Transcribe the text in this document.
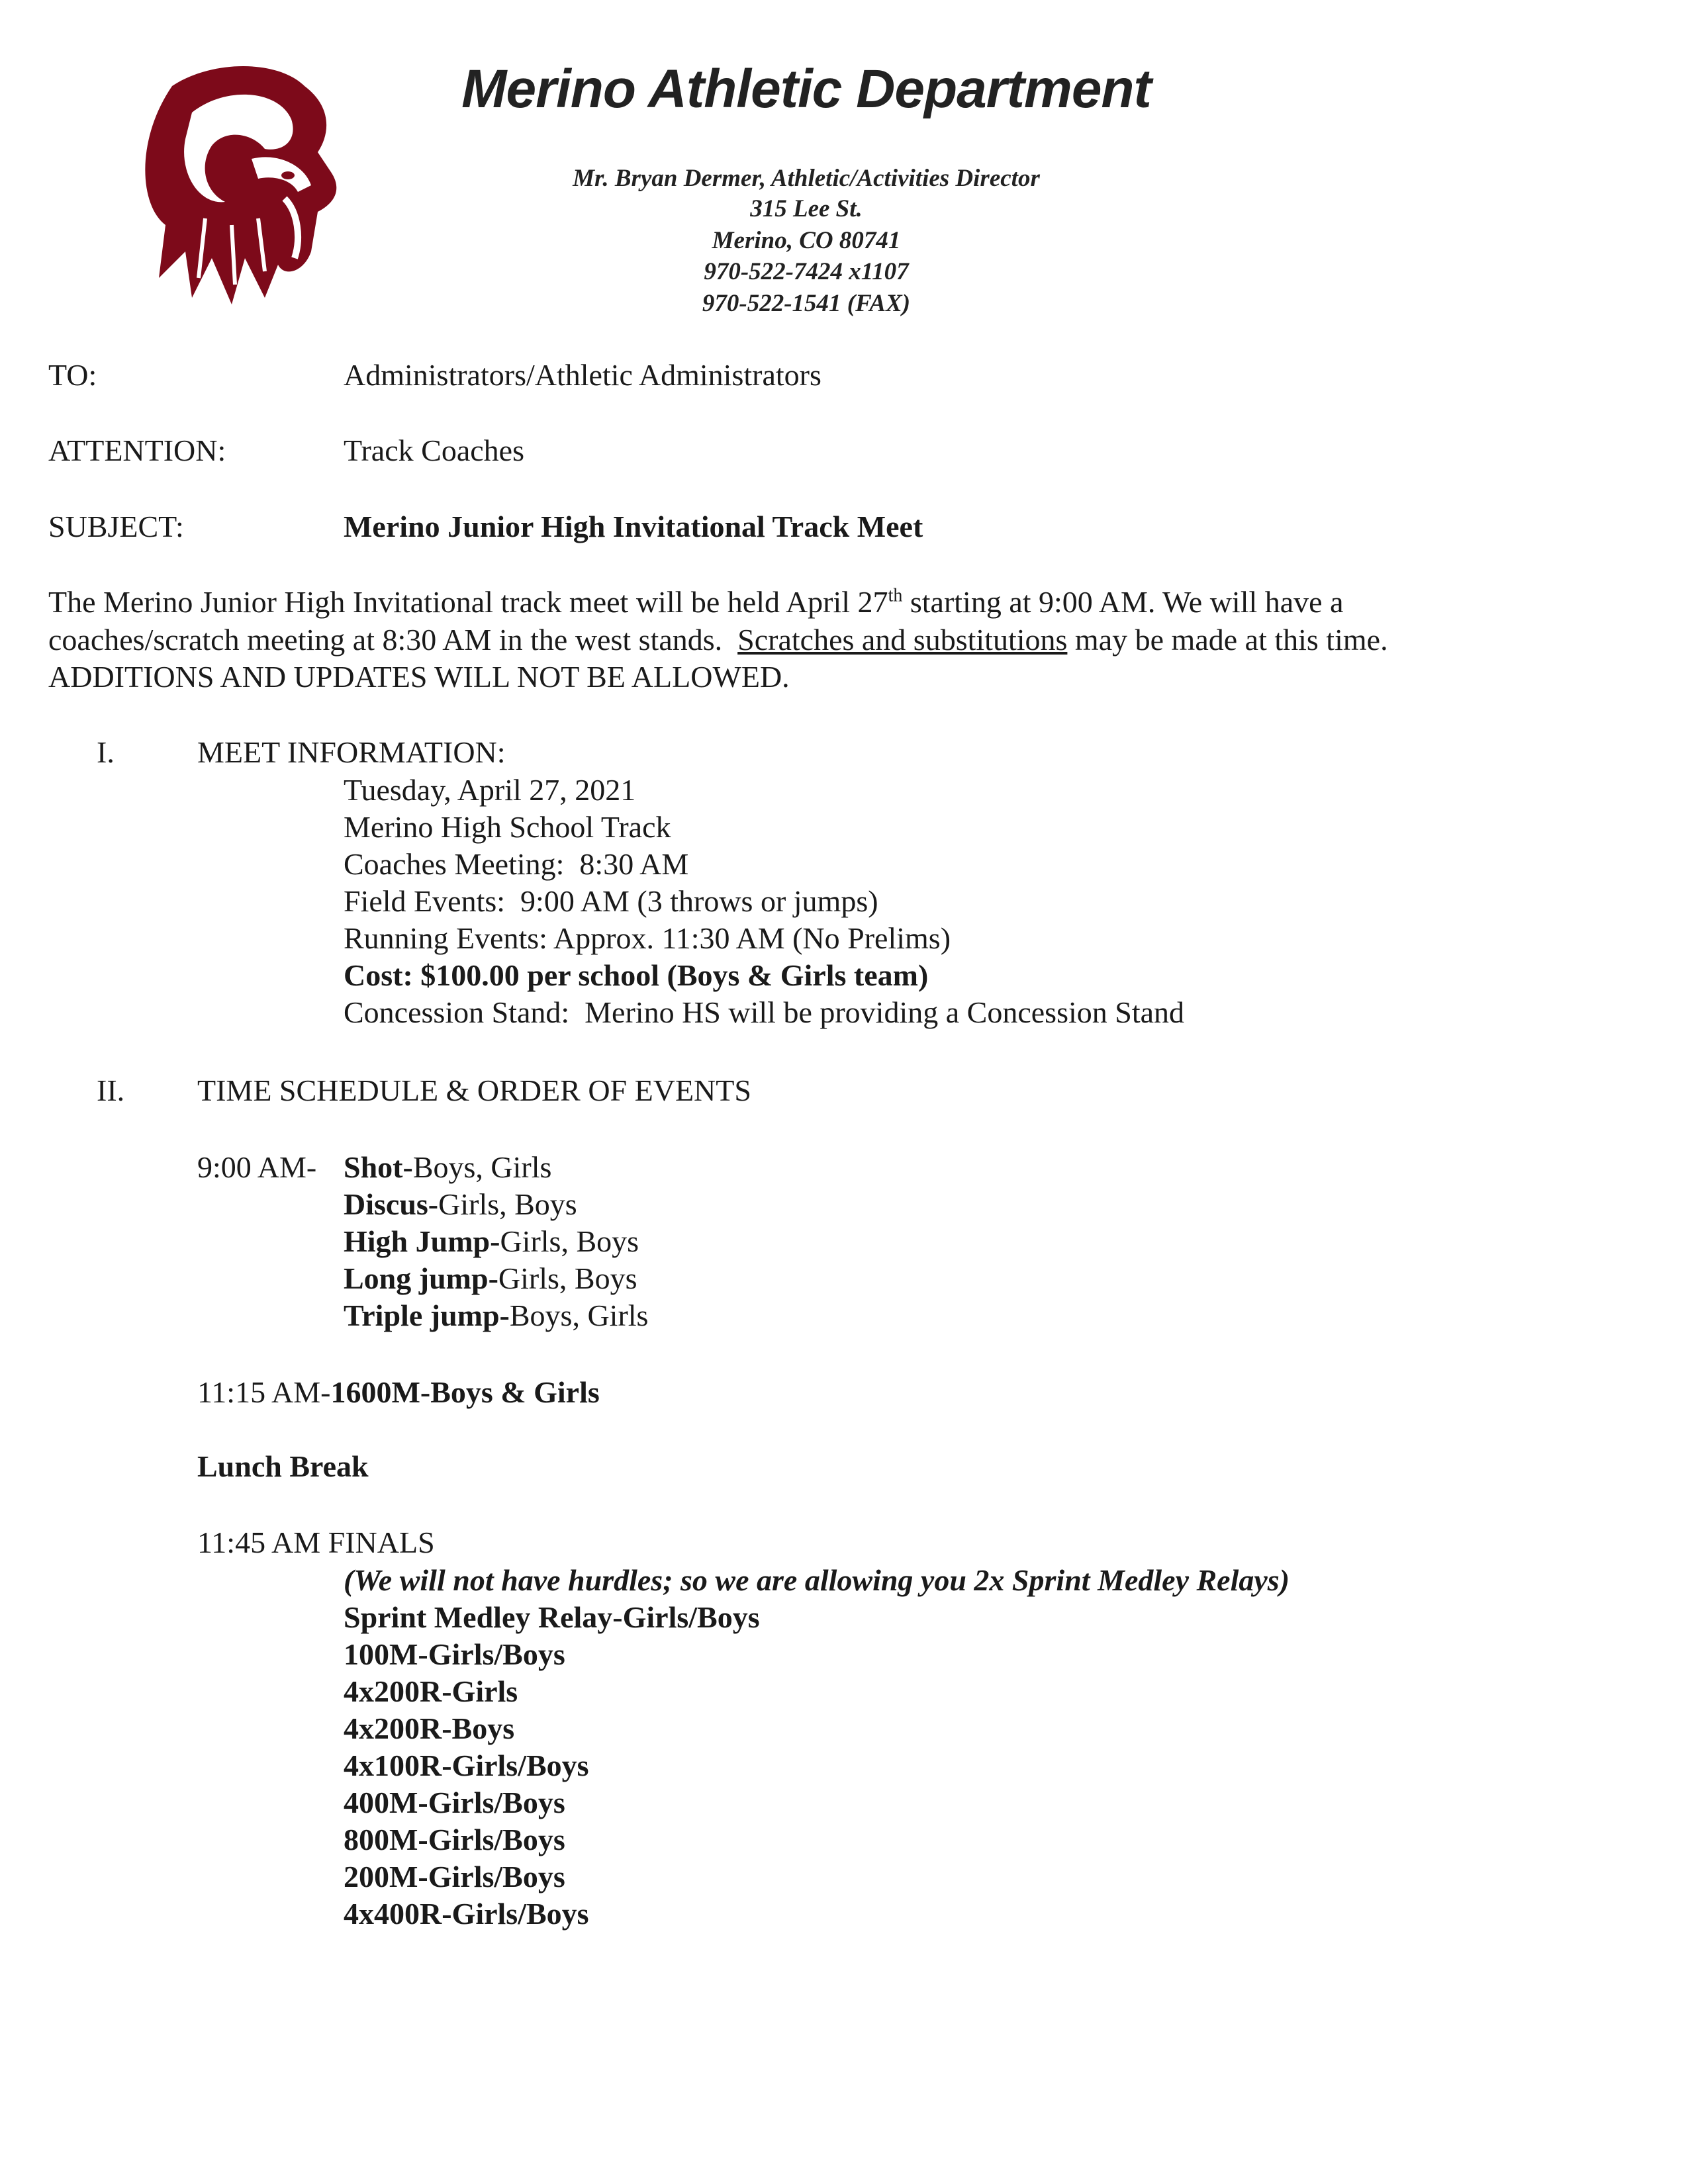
Merino Athletic Department
Mr. Bryan Dermer, Athletic/Activities Director
315 Lee St.
Merino, CO 80741
970-522-7424 x1107
970-522-1541 (FAX)
TO:	Administrators/Athletic Administrators
ATTENTION:	Track Coaches
SUBJECT:	Merino Junior High Invitational Track Meet
The Merino Junior High Invitational track meet will be held April 27th starting at 9:00 AM. We will have a
coaches/scratch meeting at 8:30 AM in the west stands.  Scratches and substitutions may be made at this time.
ADDITIONS AND UPDATES WILL NOT BE ALLOWED.
I.	MEET INFORMATION:
Tuesday, April 27, 2021
Merino High School Track
Coaches Meeting:  8:30 AM
Field Events:  9:00 AM (3 throws or jumps)
Running Events: Approx. 11:30 AM (No Prelims)
Cost: $100.00 per school (Boys & Girls team)
Concession Stand:  Merino HS will be providing a Concession Stand
II. TIME SCHEDULE & ORDER OF EVENTS
9:00 AM- Shot-Boys, Girls
Discus-Girls, Boys
High Jump-Girls, Boys
Long jump-Girls, Boys
Triple jump-Boys, Girls
11:15 AM-1600M-Boys & Girls
Lunch Break
11:45 AM FINALS
(We will not have hurdles; so we are allowing you 2x Sprint Medley Relays)
Sprint Medley Relay-Girls/Boys
100M-Girls/Boys
4x200R-Girls
4x200R-Boys
4x100R-Girls/Boys
400M-Girls/Boys
800M-Girls/Boys
200M-Girls/Boys
4x400R-Girls/Boys
